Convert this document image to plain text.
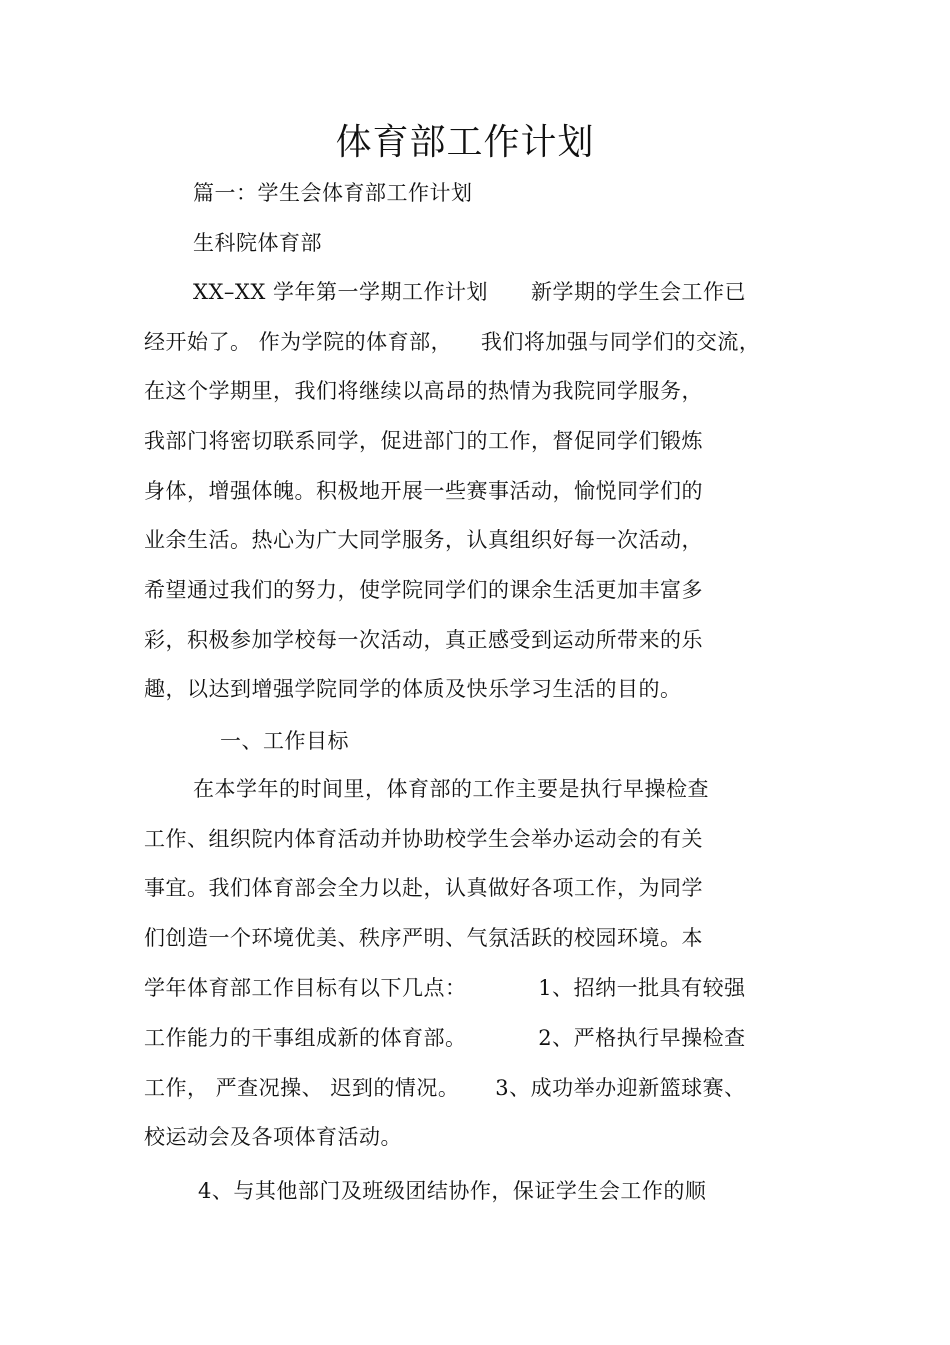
体育部工作计划
篇一：学生会体育部工作计划
生科院体育部
XX–XX 学年第一学期工作计划      新学期的学生会工作已
经开始了。 作为学院的体育部，    我们将加强与同学们的交流，
在这个学期里，我们将继续以高昂的热情为我院同学服务，
我部门将密切联系同学，促进部门的工作，督促同学们锻炼
身体，增强体魄。积极地开展一些赛事活动，愉悦同学们的
业余生活。热心为广大同学服务，认真组织好每一次活动，
希望通过我们的努力，使学院同学们的课余生活更加丰富多
彩，积极参加学校每一次活动，真正感受到运动所带来的乐
趣，以达到增强学院同学的体质及快乐学习生活的目的。
一、工作目标
在本学年的时间里，体育部的工作主要是执行早操检查
工作、组织院内体育活动并协助校学生会举办运动会的有关
事宜。我们体育部会全力以赴，认真做好各项工作，为同学
们创造一个环境优美、秩序严明、气氛活跃的校园环境。本
学年体育部工作目标有以下几点：          1、招纳一批具有较强
工作能力的干事组成新的体育部。          2、严格执行早操检查
工作， 严查况操、 迟到的情况。     3、成功举办迎新篮球赛、
校运动会及各项体育活动。
4、与其他部门及班级团结协作，保证学生会工作的顺
